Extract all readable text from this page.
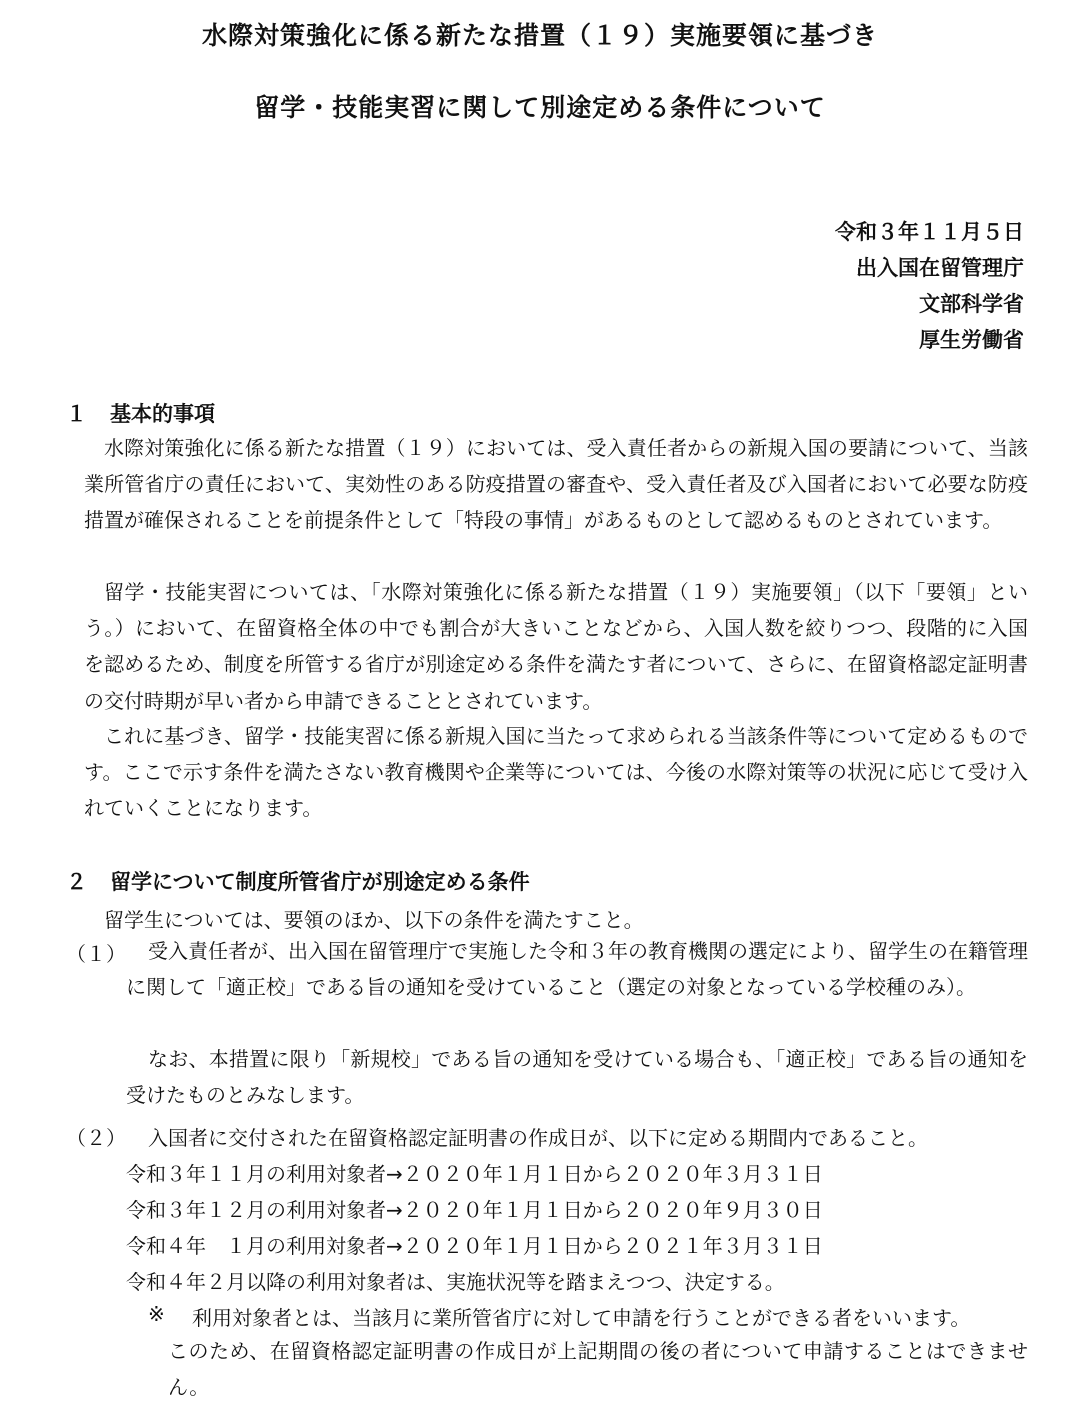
水際対策強化に係る新たな措置（１９）実施要領に基づき
留学・技能実習に関して別途定める条件について
令和３年１１月５日
出入国在留管理庁
文部科学省
厚生労働省
１ 基本的事項
水際対策強化に係る新たな措置（１９）においては、受入責任者からの新規入国の要請について、当該業所管省庁の責任において、実効性のある防疫措置の審査や、受入責任者及び入国者において必要な防疫措置が確保されることを前提条件として「特段の事情」があるものとして認めるものとされています。
留学・技能実習については、「水際対策強化に係る新たな措置（１９）実施要領」（以下「要領」という。）において、在留資格全体の中でも割合が大きいことなどから、入国人数を絞りつつ、段階的に入国を認めるため、制度を所管する省庁が別途定める条件を満たす者について、さらに、在留資格認定証明書の交付時期が早い者から申請できることとされています。
これに基づき、留学・技能実習に係る新規入国に当たって求められる当該条件等について定めるものです。ここで示す条件を満たさない教育機関や企業等については、今後の水際対策等の状況に応じて受け入れていくことになります。
２ 留学について制度所管省庁が別途定める条件
留学生については、要領のほか、以下の条件を満たすこと。
（１）	受入責任者が、出入国在留管理庁で実施した令和３年の教育機関の選定により、留学生の在籍管理に関して「適正校」である旨の通知を受けていること（選定の対象となっている学校種のみ）。
なお、本措置に限り「新規校」である旨の通知を受けている場合も、「適正校」である旨の通知を受けたものとみなします。
（２） 入国者に交付された在留資格認定証明書の作成日が、以下に定める期間内であること。
令和３年１１月の利用対象者→２０２０年１月１日から２０２０年３月３１日
令和３年１２月の利用対象者→２０２０年１月１日から２０２０年９月３０日
令和４年　１月の利用対象者→２０２０年１月１日から２０２１年３月３１日
令和４年２月以降の利用対象者は、実施状況等を踏まえつつ、決定する。
※ 利用対象者とは、当該月に業所管省庁に対して申請を行うことができる者をいいます。
このため、在留資格認定証明書の作成日が上記期間の後の者について申請することはできません。
